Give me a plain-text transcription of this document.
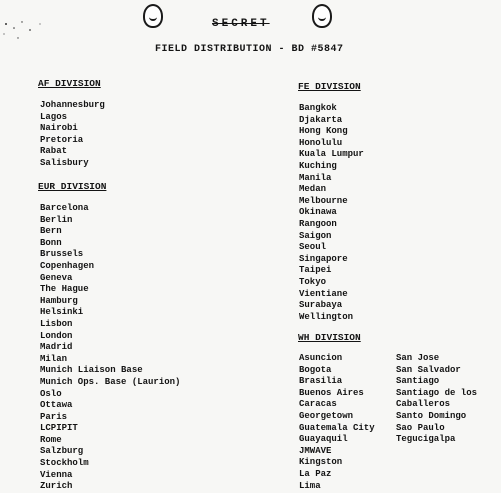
SECRET
FIELD DISTRIBUTION - BD #5847
AF DIVISION
Johannesburg
Lagos
Nairobi
Pretoria
Rabat
Salisbury
EUR DIVISION
Barcelona
Berlin
Bern
Bonn
Brussels
Copenhagen
Geneva
The Hague
Hamburg
Helsinki
Lisbon
London
Madrid
Milan
Munich Liaison Base
Munich Ops. Base (Laurion)
Oslo
Ottawa
Paris
LCPIPIT
Rome
Salzburg
Stockholm
Vienna
Zurich
FE DIVISION
Bangkok
Djakarta
Hong Kong
Honolulu
Kuala Lumpur
Kuching
Manila
Medan
Melbourne
Okinawa
Rangoon
Saigon
Seoul
Singapore
Taipei
Tokyo
Vientiane
Surabaya
Wellington
WH DIVISION
Asuncion
Bogota
Brasilia
Buenos Aires
Caracas
Georgetown
Guatemala City
Guayaquil
JMWAVE
Kingston
La Paz
Lima
San Jose
San Salvador
Santiago
Santiago de los
Caballeros
Santo Domingo
Sao Paulo
Tegucigalpa
